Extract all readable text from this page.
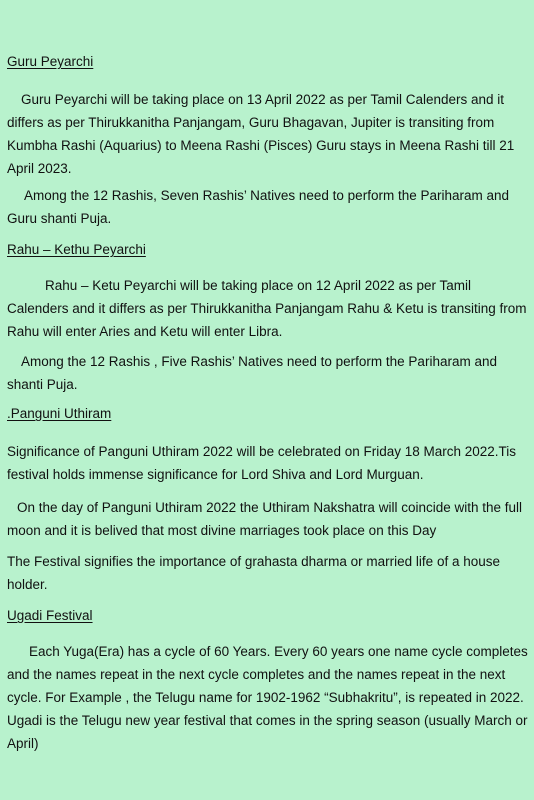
Guru Peyarchi

Guru Peyarchi will be taking place on 13 April 2022 as per Tamil Calenders and it differs as per Thirukkanitha Panjangam, Guru Bhagavan, Jupiter is transiting from Kumbha Rashi (Aquarius) to Meena Rashi (Pisces) Guru stays in Meena Rashi till 21 April 2023.

Among the 12 Rashis, Seven Rashis’ Natives need to perform the Pariharam and Guru shanti Puja.

Rahu – Kethu Peyarchi

Rahu – Ketu Peyarchi will be taking place on 12 April 2022 as per Tamil Calenders and it differs as per Thirukkanitha Panjangam Rahu & Ketu is transiting from Rahu will enter Aries and Ketu will enter Libra.

Among the 12 Rashis , Five Rashis’ Natives need to perform the Pariharam and shanti Puja.

.Panguni Uthiram

Significance of Panguni Uthiram 2022 will be celebrated on Friday 18 March 2022.Tis festival holds immense significance for Lord Shiva and Lord Murguan.

On the day of Panguni Uthiram 2022 the Uthiram Nakshatra will coincide with the full moon and it is belived that most divine marriages took place on this Day

The Festival signifies the importance of grahasta dharma or married life of a house holder.

Ugadi Festival

Each Yuga(Era) has a cycle of 60 Years. Every 60 years one name cycle completes and the names repeat in the next cycle completes and the names repeat in the next cycle. For Example , the Telugu name for 1902-1962 “Subhakritu”, is repeated in 2022. Ugadi is the Telugu new year festival that comes in the spring season (usually March or April)
